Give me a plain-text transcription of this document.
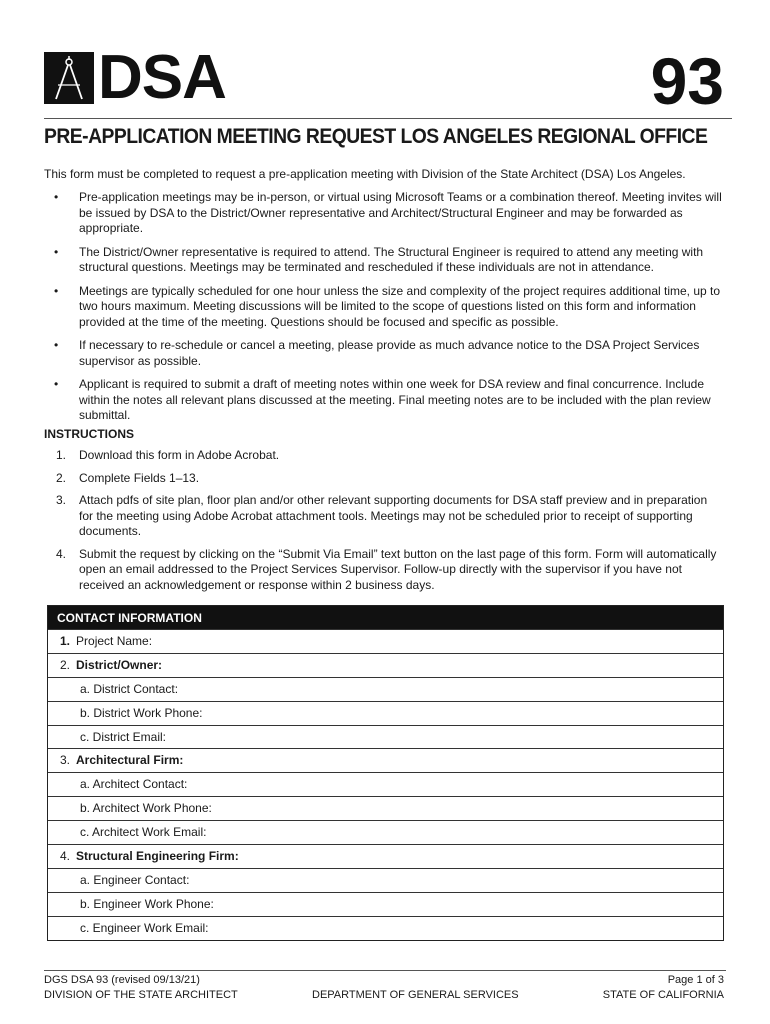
DSA	93
PRE-APPLICATION MEETING REQUEST LOS ANGELES REGIONAL OFFICE
This form must be completed to request a pre-application meeting with Division of the State Architect (DSA) Los Angeles.
• Pre-application meetings may be in-person, or virtual using Microsoft Teams or a combination thereof. Meeting invites will be issued by DSA to the District/Owner representative and Architect/Structural Engineer and may be forwarded as appropriate.
• The District/Owner representative is required to attend. The Structural Engineer is required to attend any meeting with structural questions. Meetings may be terminated and rescheduled if these individuals are not in attendance.
• Meetings are typically scheduled for one hour unless the size and complexity of the project requires additional time, up to two hours maximum. Meeting discussions will be limited to the scope of questions listed on this form and information provided at the time of the meeting. Questions should be focused and specific as possible.
• If necessary to re-schedule or cancel a meeting, please provide as much advance notice to the DSA Project Services supervisor as possible.
• Applicant is required to submit a draft of meeting notes within one week for DSA review and final concurrence. Include within the notes all relevant plans discussed at the meeting. Final meeting notes are to be included with the plan review submittal.
INSTRUCTIONS
1. Download this form in Adobe Acrobat.
2. Complete Fields 1–13.
3. Attach pdfs of site plan, floor plan and/or other relevant supporting documents for DSA staff preview and in preparation for the meeting using Adobe Acrobat attachment tools. Meetings may not be scheduled prior to receipt of supporting documents.
4. Submit the request by clicking on the “Submit Via Email” text button on the last page of this form. Form will automatically open an email addressed to the Project Services Supervisor. Follow-up directly with the supervisor if you have not received an acknowledgement or response within 2 business days.
CONTACT INFORMATION
1. Project Name:
2. District/Owner:
a. District Contact:
b. District Work Phone:
c. District Email:
3. Architectural Firm:
a. Architect Contact:
b. Architect Work Phone:
c. Architect Work Email:
4. Structural Engineering Firm:
a. Engineer Contact:
b. Engineer Work Phone:
c. Engineer Work Email:
DGS DSA 93 (revised 09/13/21)
DIVISION OF THE STATE ARCHITECT	DEPARTMENT OF GENERAL SERVICES
Page 1 of 3
STATE OF CALIFORNIA
